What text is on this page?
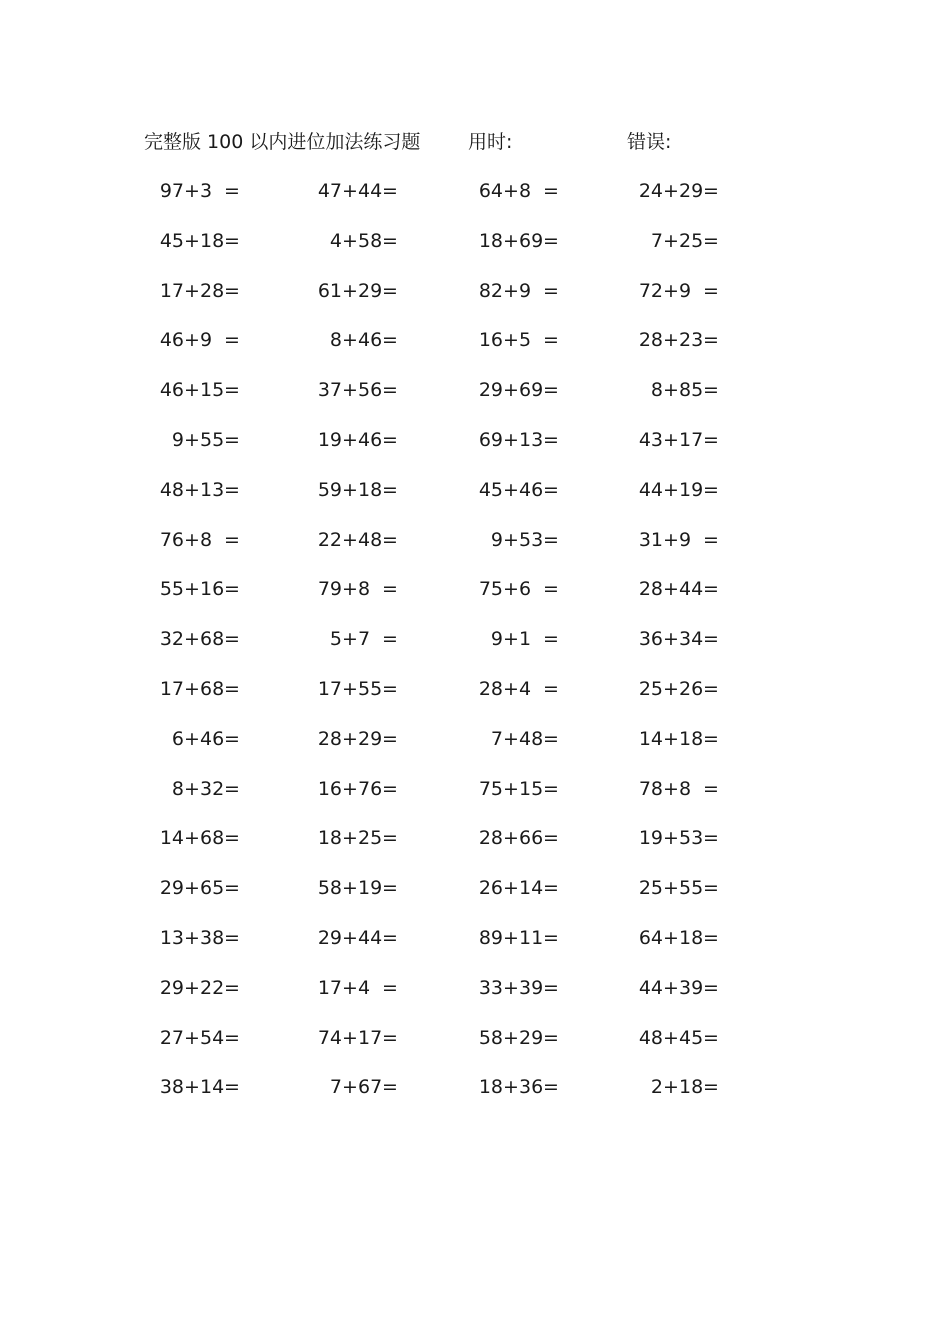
完整版 100 以内进位加法练习题	用时:	错误:
97 + 3 =	47 + 44 =	64 + 8 =	24 + 29 =
45 + 18 =	4 + 58 =	18 + 69 =	7 + 25 =
17 + 28 =	61 + 29 =	82 + 9 =	72 + 9 =
46 + 9 =	8 + 46 =	16 + 5 =	28 + 23 =
46 + 15 =	37 + 56 =	29 + 69 =	8 + 85 =
9 + 55 =	19 + 46 =	69 + 13 =	43 + 17 =
48 + 13 =	59 + 18 =	45 + 46 =	44 + 19 =
76 + 8 =	22 + 48 =	9 + 53 =	31 + 9 =
55 + 16 =	79 + 8 =	75 + 6 =	28 + 44 =
32 + 68 =	5 + 7 =	9 + 1 =	36 + 34 =
17 + 68 =	17 + 55 =	28 + 4 =	25 + 26 =
6 + 46 =	28 + 29 =	7 + 48 =	14 + 18 =
8 + 32 =	16 + 76 =	75 + 15 =	78 + 8 =
14 + 68 =	18 + 25 =	28 + 66 =	19 + 53 =
29 + 65 =	58 + 19 =	26 + 14 =	25 + 55 =
13 + 38 =	29 + 44 =	89 + 11 =	64 + 18 =
29 + 22 =	17 + 4 =	33 + 39 =	44 + 39 =
27 + 54 =	74 + 17 =	58 + 29 =	48 + 45 =
38 + 14 =	7 + 67 =	18 + 36 =	2 + 18 =
